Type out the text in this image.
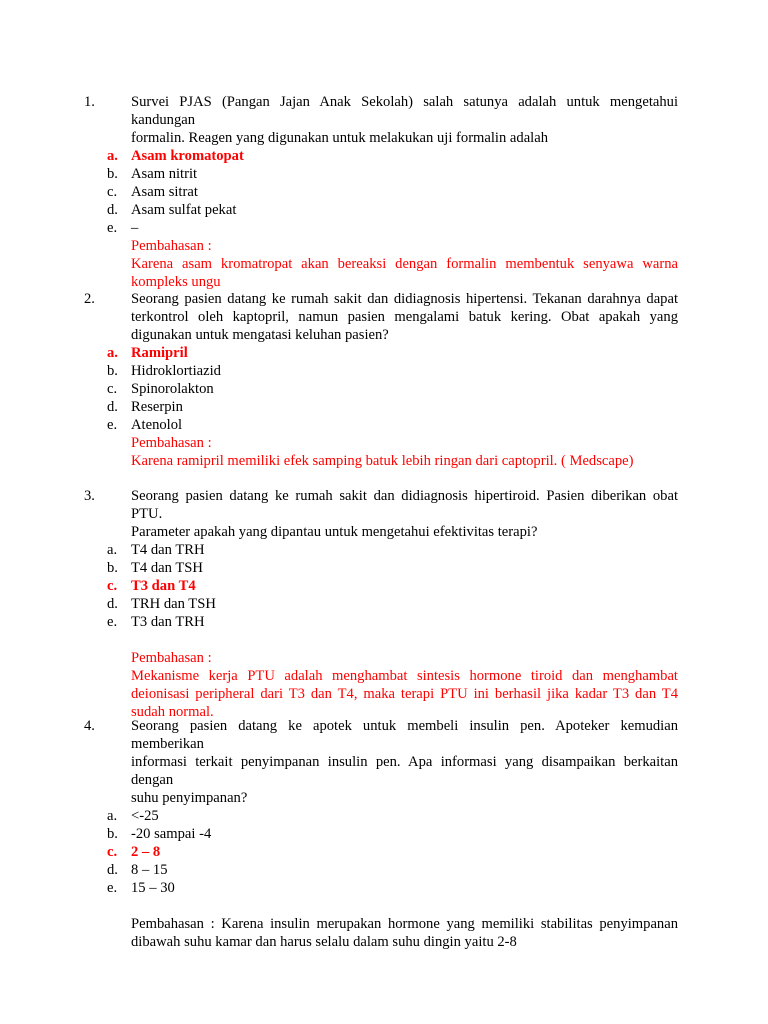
1. Survei PJAS (Pangan Jajan Anak Sekolah) salah satunya adalah untuk mengetahui kandungan
formalin. Reagen yang digunakan untuk melakukan uji formalin adalah
a. Asam kromatopat
b. Asam nitrit
c. Asam sitrat
d. Asam sulfat pekat
e. –
Pembahasan :
Karena asam kromatropat akan bereaksi dengan formalin membentuk senyawa warna
kompleks ungu
2. Seorang pasien datang ke rumah sakit dan didiagnosis hipertensi. Tekanan darahnya dapat
terkontrol oleh kaptopril, namun pasien mengalami batuk kering. Obat apakah yang
digunakan untuk mengatasi keluhan pasien?
a. Ramipril
b. Hidroklortiazid
c. Spinorolakton
d. Reserpin
e. Atenolol
Pembahasan :
Karena ramipril memiliki efek samping batuk lebih ringan dari captopril. ( Medscape)
3. Seorang pasien datang ke rumah sakit dan didiagnosis hipertiroid. Pasien diberikan obat PTU.
Parameter apakah yang dipantau untuk mengetahui efektivitas terapi?
a. T4 dan TRH
b. T4 dan TSH
c. T3 dan T4
d. TRH dan TSH
e. T3 dan TRH
Pembahasan :
Mekanisme kerja PTU adalah menghambat sintesis hormone tiroid dan menghambat
deionisasi peripheral dari T3 dan T4, maka terapi PTU ini berhasil jika kadar T3 dan T4
sudah normal.
4. Seorang pasien datang ke apotek untuk membeli insulin pen. Apoteker kemudian memberikan
informasi terkait penyimpanan insulin pen. Apa informasi yang disampaikan berkaitan dengan
suhu penyimpanan?
a. <-25
b. -20 sampai -4
c. 2 – 8
d. 8 – 15
e. 15 – 30
Pembahasan : Karena insulin merupakan hormone yang memiliki stabilitas penyimpanan
dibawah suhu kamar dan harus selalu dalam suhu dingin yaitu 2-8
